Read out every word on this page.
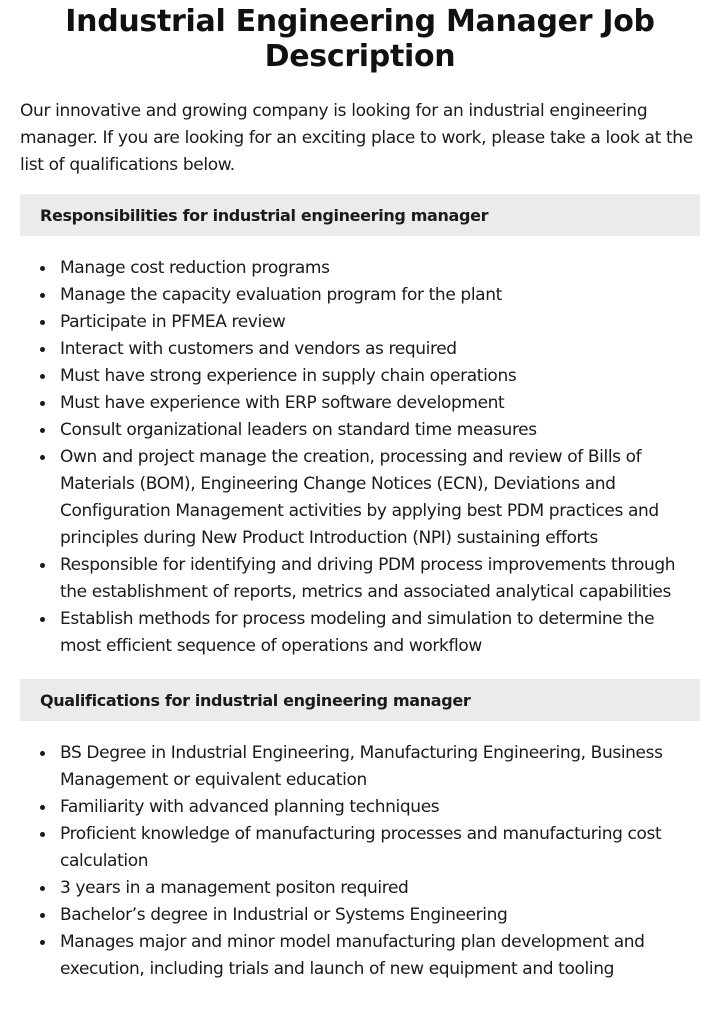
Industrial Engineering Manager Job Description

Our innovative and growing company is looking for an industrial engineering manager. If you are looking for an exciting place to work, please take a look at the list of qualifications below.

Responsibilities for industrial engineering manager
Manage cost reduction programs
Manage the capacity evaluation program for the plant
Participate in PFMEA review
Interact with customers and vendors as required
Must have strong experience in supply chain operations
Must have experience with ERP software development
Consult organizational leaders on standard time measures
Own and project manage the creation, processing and review of Bills of Materials (BOM), Engineering Change Notices (ECN), Deviations and Configuration Management activities by applying best PDM practices and principles during New Product Introduction (NPI) sustaining efforts
Responsible for identifying and driving PDM process improvements through the establishment of reports, metrics and associated analytical capabilities
Establish methods for process modeling and simulation to determine the most efficient sequence of operations and workflow
Qualifications for industrial engineering manager
BS Degree in Industrial Engineering, Manufacturing Engineering, Business Management or equivalent education
Familiarity with advanced planning techniques
Proficient knowledge of manufacturing processes and manufacturing cost calculation
3 years in a management positon required
Bachelor’s degree in Industrial or Systems Engineering
Manages major and minor model manufacturing plan development and execution, including trials and launch of new equipment and tooling
